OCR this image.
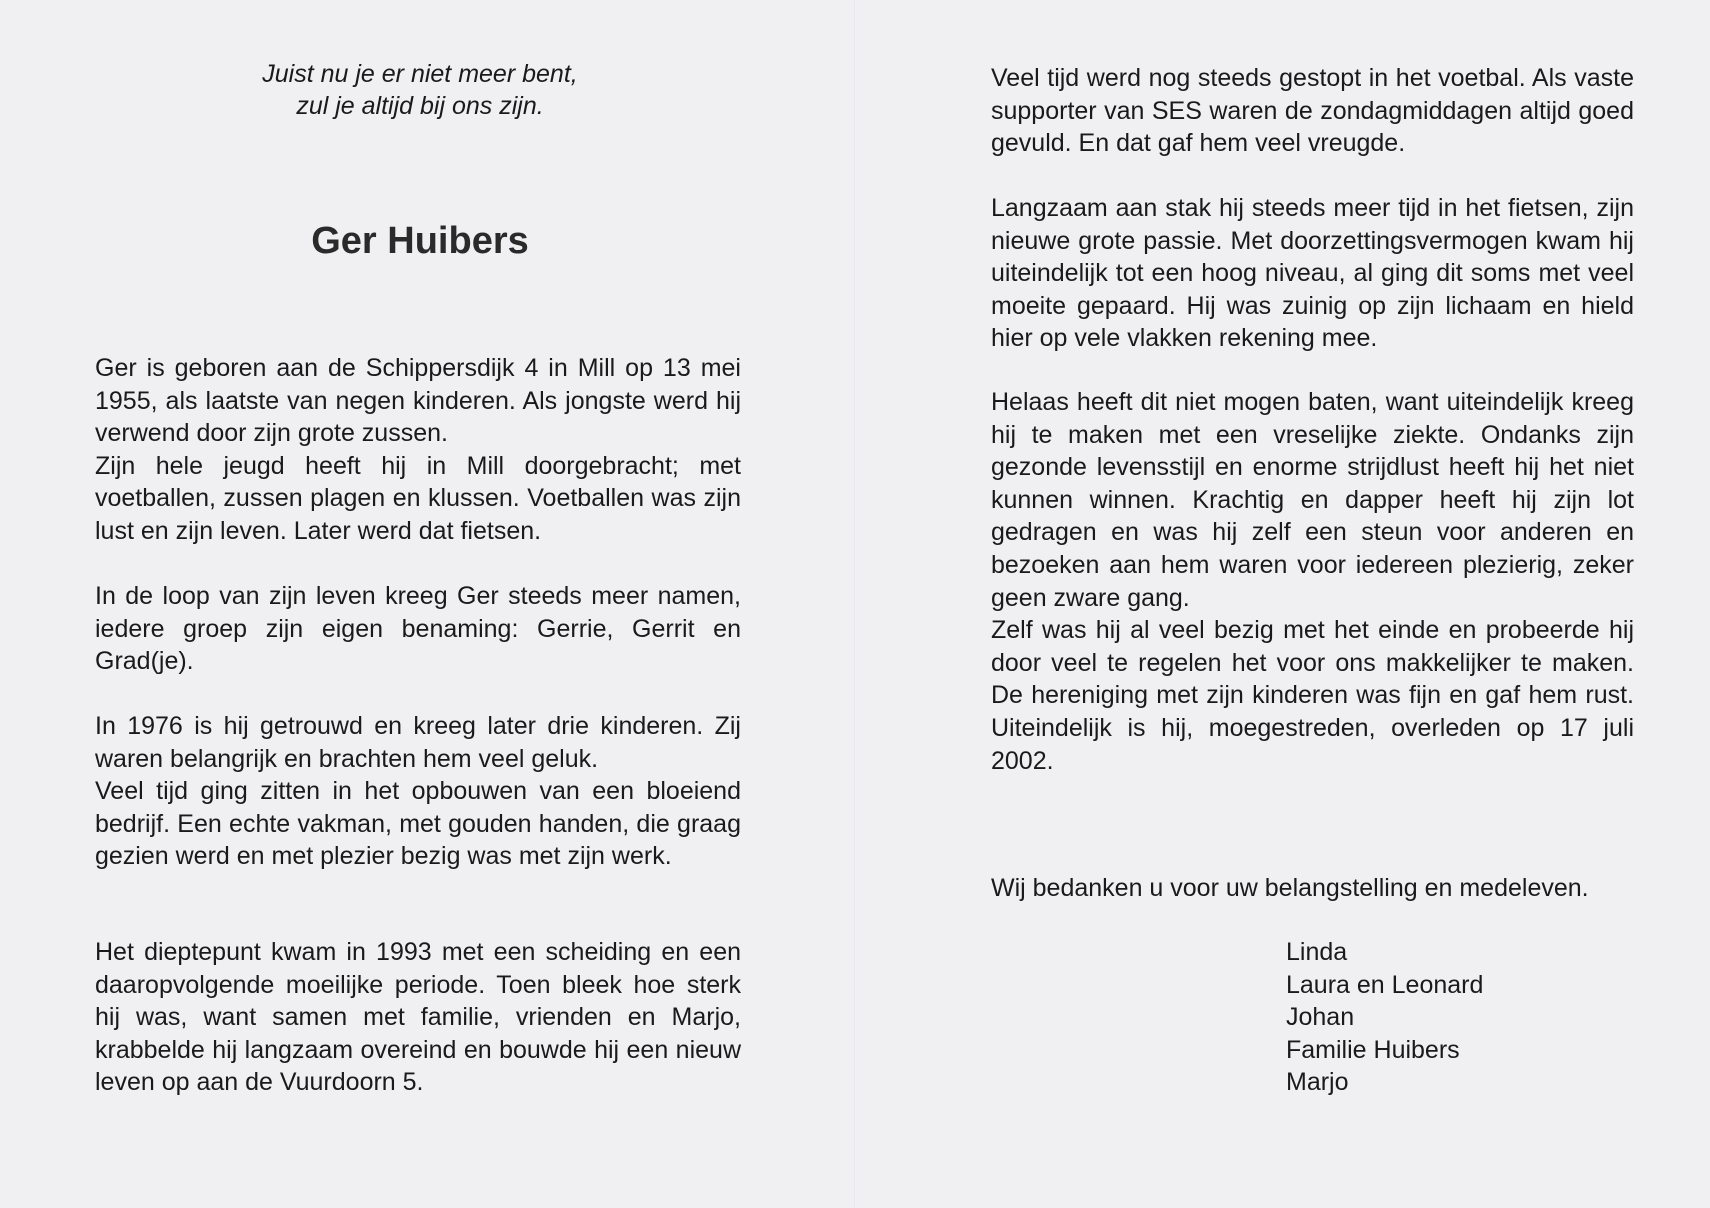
Juist nu je er niet meer bent,
zul je altijd bij ons zijn.
Ger Huibers

Ger is geboren aan de Schippersdijk 4 in Mill op 13 mei 1955, als laatste van negen kinderen. Als jongste werd hij verwend door zijn grote zussen.

Zijn hele jeugd heeft hij in Mill doorgebracht; met voetballen, zussen plagen en klussen. Voetballen was zijn lust en zijn leven. Later werd dat fietsen.

In de loop van zijn leven kreeg Ger steeds meer namen, iedere groep zijn eigen benaming: Gerrie, Gerrit en Grad(je).

In 1976 is hij getrouwd en kreeg later drie kinderen. Zij waren belangrijk en brachten hem veel geluk.

Veel tijd ging zitten in het opbouwen van een bloeiend bedrijf. Een echte vakman, met gouden handen, die graag gezien werd en met plezier bezig was met zijn werk.

Het dieptepunt kwam in 1993 met een scheiding en een daaropvolgende moeilijke periode. Toen bleek hoe sterk hij was, want samen met familie, vrienden en Marjo, krabbelde hij langzaam overeind en bouwde hij een nieuw leven op aan de Vuurdoorn 5.

Veel tijd werd nog steeds gestopt in het voetbal. Als vaste supporter van SES waren de zondagmiddagen altijd goed gevuld. En dat gaf hem veel vreugde.

Langzaam aan stak hij steeds meer tijd in het fietsen, zijn nieuwe grote passie. Met doorzettingsvermogen kwam hij uiteindelijk tot een hoog niveau, al ging dit soms met veel moeite gepaard. Hij was zuinig op zijn lichaam en hield hier op vele vlakken rekening mee.

Helaas heeft dit niet mogen baten, want uiteindelijk kreeg hij te maken met een vreselijke ziekte. Ondanks zijn gezonde levensstijl en enorme strijdlust heeft hij het niet kunnen winnen. Krachtig en dapper heeft hij zijn lot gedragen en was hij zelf een steun voor anderen en bezoeken aan hem waren voor iedereen plezierig, zeker geen zware gang.

Zelf was hij al veel bezig met het einde en probeerde hij door veel te regelen het voor ons makkelijker te maken. De hereniging met zijn kinderen was fijn en gaf hem rust. Uiteindelijk is hij, moegestreden, overleden op 17 juli 2002.

Wij bedanken u voor uw belangstelling en medeleven.
Linda
Laura en Leonard
Johan
Familie Huibers
Marjo
